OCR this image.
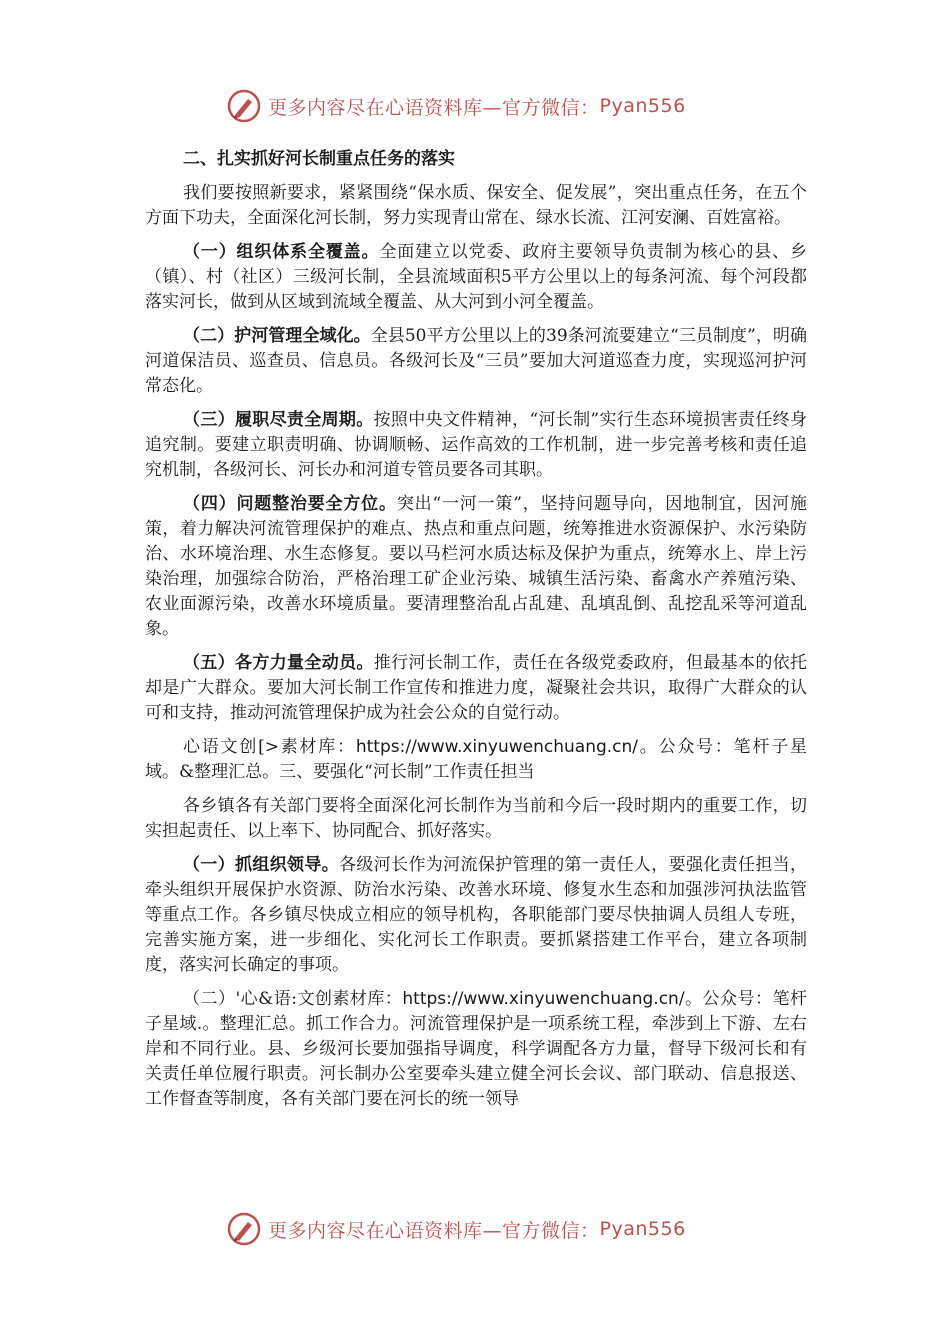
更多内容尽在心语资料库—官方微信： Pyan556
二、扎实抓好河长制重点任务的落实

我们要按照新要求，紧紧围绕“保水质、保安全、促发展”，突出重点任务，在五个方面下功夫，全面深化河长制，努力实现青山常在、绿水长流、江河安澜、百姓富裕。

（一）组织体系全覆盖。全面建立以党委、政府主要领导负责制为核心的县、乡（镇）、村（社区）三级河长制，全县流域面积5平方公里以上的每条河流、每个河段都落实河长，做到从区域到流域全覆盖、从大河到小河全覆盖。

（二）护河管理全域化。全县50平方公里以上的39条河流要建立“三员制度”，明确河道保洁员、巡查员、信息员。各级河长及“三员”要加大河道巡查力度，实现巡河护河常态化。

（三）履职尽责全周期。按照中央文件精神，“河长制”实行生态环境损害责任终身追究制。要建立职责明确、协调顺畅、运作高效的工作机制，进一步完善考核和责任追究机制，各级河长、河长办和河道专管员要各司其职。

（四）问题整治要全方位。突出“一河一策”，坚持问题导向，因地制宜，因河施策，着力解决河流管理保护的难点、热点和重点问题，统筹推进水资源保护、水污染防治、水环境治理、水生态修复。要以马栏河水质达标及保护为重点，统筹水上、岸上污染治理，加强综合防治，严格治理工矿企业污染、城镇生活污染、畜禽水产养殖污染、农业面源污染，改善水环境质量。要清理整治乱占乱建、乱填乱倒、乱挖乱采等河道乱象。

（五）各方力量全动员。推行河长制工作，责任在各级党委政府，但最基本的依托却是广大群众。要加大河长制工作宣传和推进力度，凝聚社会共识，取得广大群众的认可和支持，推动河流管理保护成为社会公众的自觉行动。

心语文创[>素材库：https://www.xinyuwenchuang.cn/。公众号：笔杆子星域。&整理汇总。三、要强化“河长制”工作责任担当

各乡镇各有关部门要将全面深化河长制作为当前和今后一段时期内的重要工作，切实担起责任、以上率下、协同配合、抓好落实。

（一）抓组织领导。各级河长作为河流保护管理的第一责任人，要强化责任担当，牵头组织开展保护水资源、防治水污染、改善水环境、修复水生态和加强涉河执法监管等重点工作。各乡镇尽快成立相应的领导机构，各职能部门要尽快抽调人员组人专班，完善实施方案，进一步细化、实化河长工作职责。要抓紧搭建工作平台，建立各项制度，落实河长确定的事项。

（二）'心&语:文创素材库：https://www.xinyuwenchuang.cn/。公众号：笔杆子星域.。整理汇总。抓工作合力。河流管理保护是一项系统工程，牵涉到上下游、左右岸和不同行业。县、乡级河长要加强指导调度，科学调配各方力量，督导下级河长和有关责任单位履行职责。河长制办公室要牵头建立健全河长会议、部门联动、信息报送、工作督查等制度，各有关部门要在河长的统一领导

更多内容尽在心语资料库—官方微信： Pyan556
